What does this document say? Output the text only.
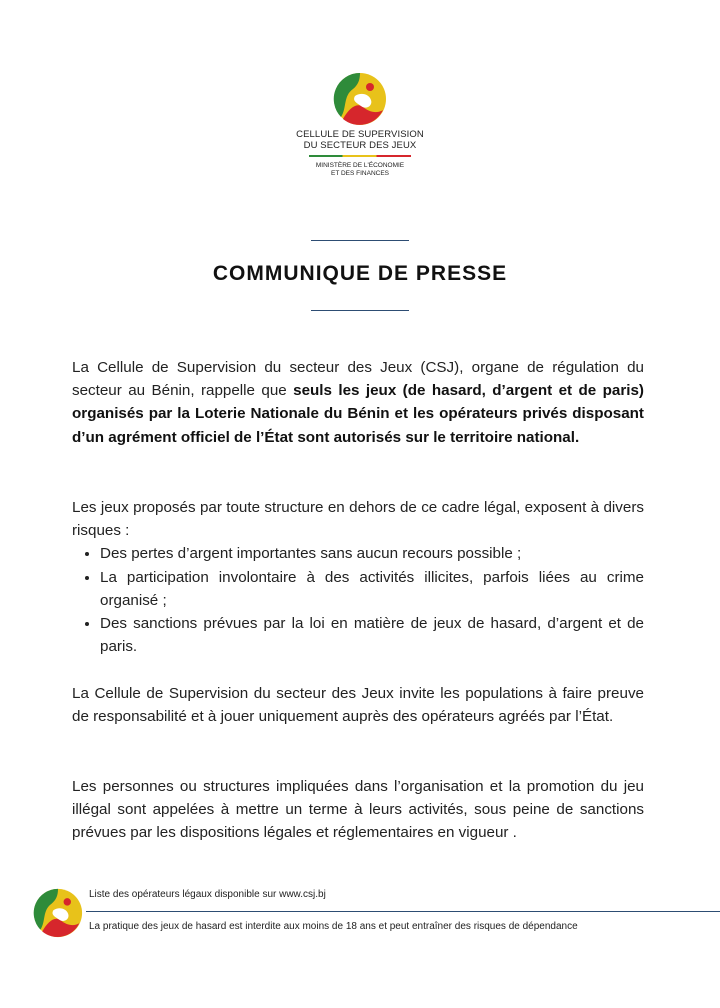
CELLULE DE SUPERVISION
DU SECTEUR DES JEUX
MINISTÈRE DE L'ÉCONOMIE
ET DES FINANCES
COMMUNIQUE DE PRESSE

La Cellule de Supervision du secteur des Jeux (CSJ), organe de régulation du secteur au Bénin, rappelle que seuls les jeux (de hasard, d’argent et de paris) organisés par la Loterie Nationale du Bénin et les opérateurs privés disposant d’un agrément officiel de l’État sont autorisés sur le territoire national.

Les jeux proposés par toute structure en dehors de ce cadre légal, exposent à divers risques :

• Des pertes d’argent importantes sans aucun recours possible ;
• La participation involontaire à des activités illicites, parfois liées au crime organisé ;
• Des sanctions prévues par la loi en matière de jeux de hasard, d’argent et de paris.

La Cellule de Supervision du secteur des Jeux invite les populations à faire preuve de responsabilité et à jouer uniquement auprès des opérateurs agréés par l’État.

Les personnes ou structures impliquées dans l’organisation et la promotion du jeu illégal sont appelées à mettre un terme à leurs activités, sous peine de sanctions prévues par les dispositions légales et réglementaires en vigueur .

Liste des opérateurs légaux disponible sur www.csj.bj
La pratique des jeux de hasard est interdite aux moins de 18 ans et peut entraîner des risques de dépendance
